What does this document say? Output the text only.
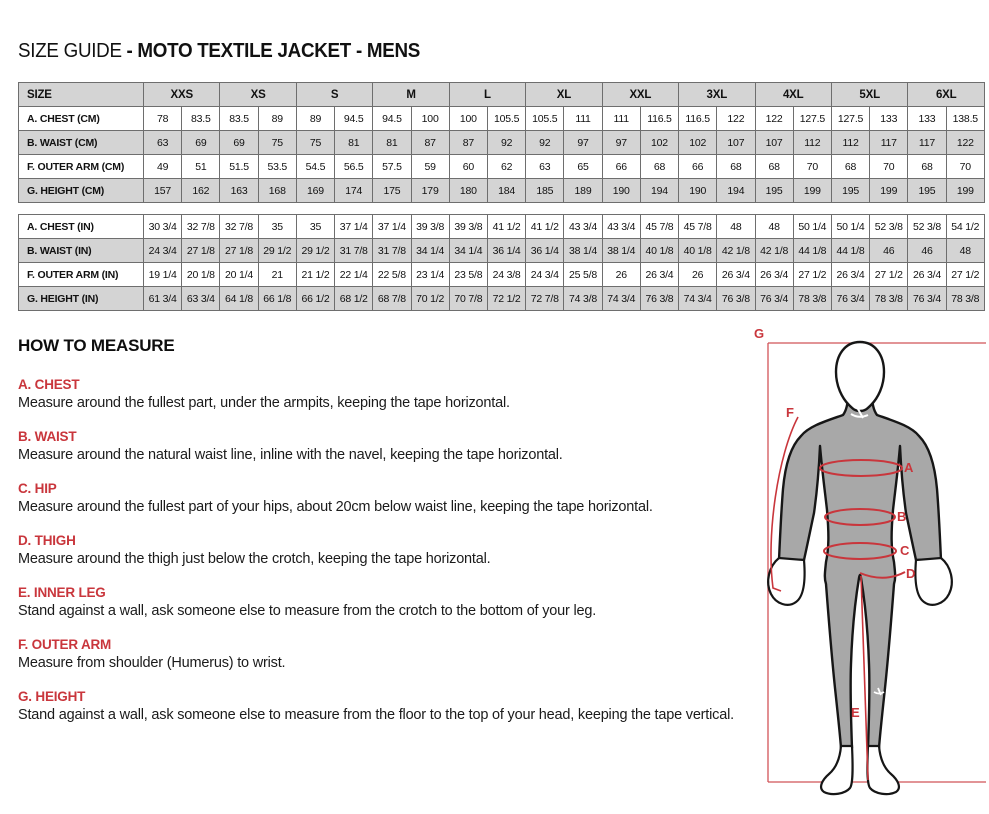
SIZE GUIDE - MOTO TEXTILE JACKET - MENS
SIZE	XXS		XS		S		M		L		XL		XXL		3XL		4XL		5XL		6XL	
A. CHEST (CM)	78	83.5	83.5	89	89	94.5	94.5	100	100	105.5	105.5	111	111	116.5	116.5	122	122	127.5	127.5	133	133	138.5
B. WAIST (CM)	63	69	69	75	75	81	81	87	87	92	92	97	97	102	102	107	107	112	112	117	117	122
F. OUTER ARM (CM)	49	51	51.5	53.5	54.5	56.5	57.5	59	60	62	63	65	66	68	66	68	68	70	68	70	68	70
G. HEIGHT (CM)	157	162	163	168	169	174	175	179	180	184	185	189	190	194	190	194	195	199	195	199	195	199
A. CHEST (IN)	30 3/4	32 7/8	32 7/8	35	35	37 1/4	37 1/4	39 3/8	39 3/8	41 1/2	41 1/2	43 3/4	43 3/4	45 7/8	45 7/8	48	48	50 1/4	50 1/4	52 3/8	52 3/8	54 1/2
B. WAIST (IN)	24 3/4	27 1/8	27 1/8	29 1/2	29 1/2	31 7/8	31 7/8	34 1/4	34 1/4	36 1/4	36 1/4	38 1/4	38 1/4	40 1/8	40 1/8	42 1/8	42 1/8	44 1/8	44 1/8	46	46	48
F. OUTER ARM (IN)	19 1/4	20 1/8	20 1/4	21	21 1/2	22 1/4	22 5/8	23 1/4	23 5/8	24 3/8	24 3/4	25 5/8	26	26 3/4	26	26 3/4	26 3/4	27 1/2	26 3/4	27 1/2	26 3/4	27 1/2
G. HEIGHT (IN)	61 3/4	63 3/4	64 1/8	66 1/8	66 1/2	68 1/2	68 7/8	70 1/2	70 7/8	72 1/2	72 7/8	74 3/8	74 3/4	76 3/8	74 3/4	76 3/8	76 3/4	78 3/8	76 3/4	78 3/8	76 3/4	78 3/8
HOW TO MEASURE
A. CHEST
Measure around the fullest part, under the armpits, keeping the tape horizontal.
B. WAIST
Measure around the natural waist line, inline with the navel, keeping the tape horizontal.
C. HIP
Measure around the fullest part of your hips, about 20cm below waist line, keeping the tape horizontal.
D. THIGH
Measure around the thigh just below the crotch, keeping the tape horizontal.
E. INNER LEG
Stand against a wall, ask someone else to measure from the crotch to the bottom of your leg.
F. OUTER ARM
Measure from shoulder (Humerus) to wrist.
G. HEIGHT
Stand against a wall, ask someone else to measure from the floor to the top of your head, keeping the tape vertical.
G
F
A
B
C
D
E
